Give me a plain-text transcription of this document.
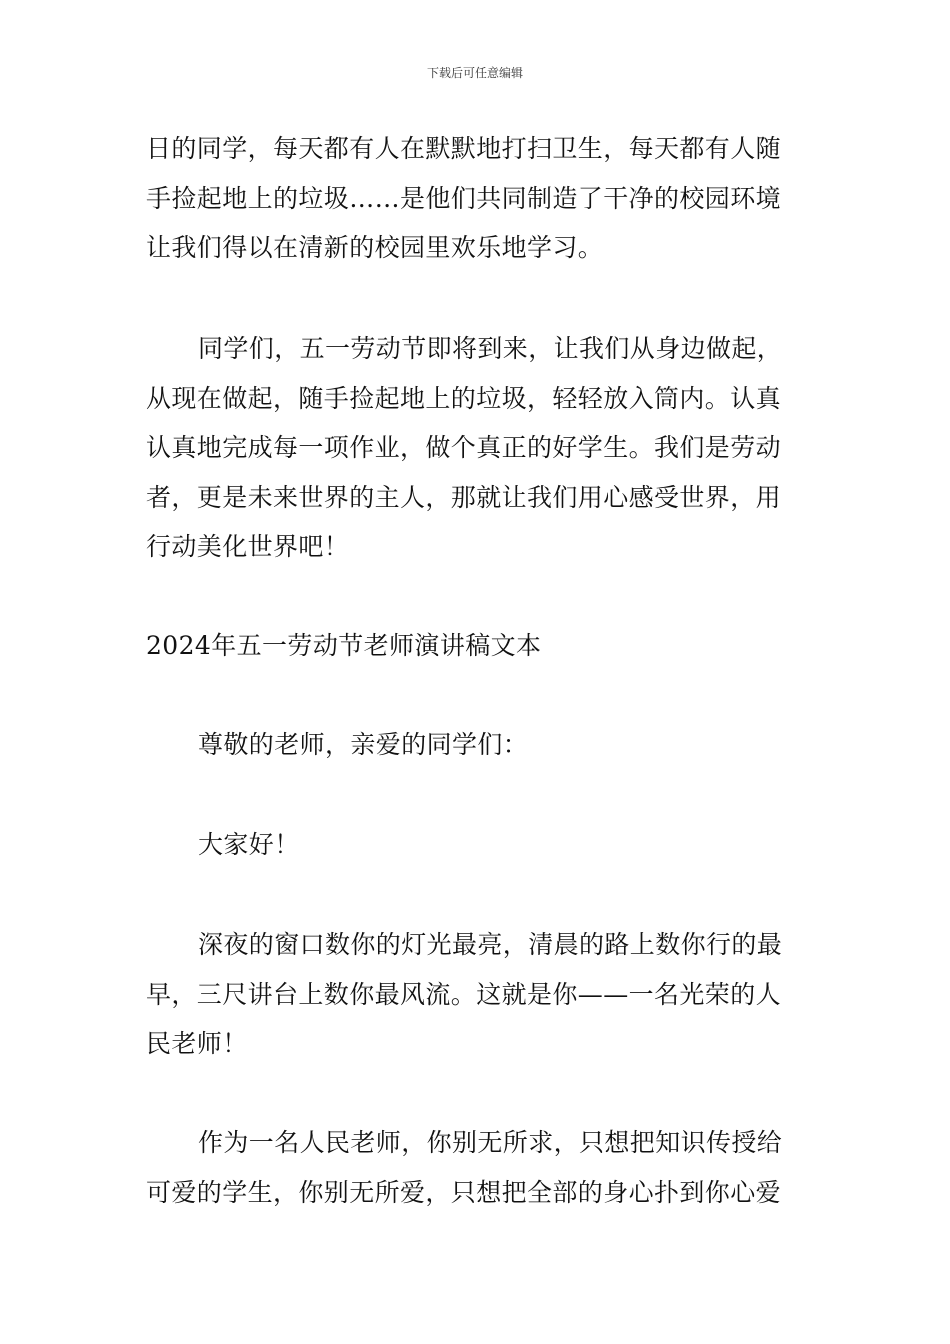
下载后可任意编辑
日的同学，每天都有人在默默地打扫卫生，每天都有人随
手捡起地上的垃圾……是他们共同制造了干净的校园环境
让我们得以在清新的校园里欢乐地学习。
同学们，五一劳动节即将到来，让我们从身边做起，
从现在做起，随手捡起地上的垃圾，轻轻放入筒内。认真
认真地完成每一项作业，做个真正的好学生。我们是劳动
者，更是未来世界的主人，那就让我们用心感受世界，用
行动美化世界吧！
2024年五一劳动节老师演讲稿文本
尊敬的老师，亲爱的同学们：
大家好！
深夜的窗口数你的灯光最亮，清晨的路上数你行的最
早，三尺讲台上数你最风流。这就是你——一名光荣的人
民老师！
作为一名人民老师，你别无所求，只想把知识传授给
可爱的学生，你别无所爱，只想把全部的身心扑到你心爱
